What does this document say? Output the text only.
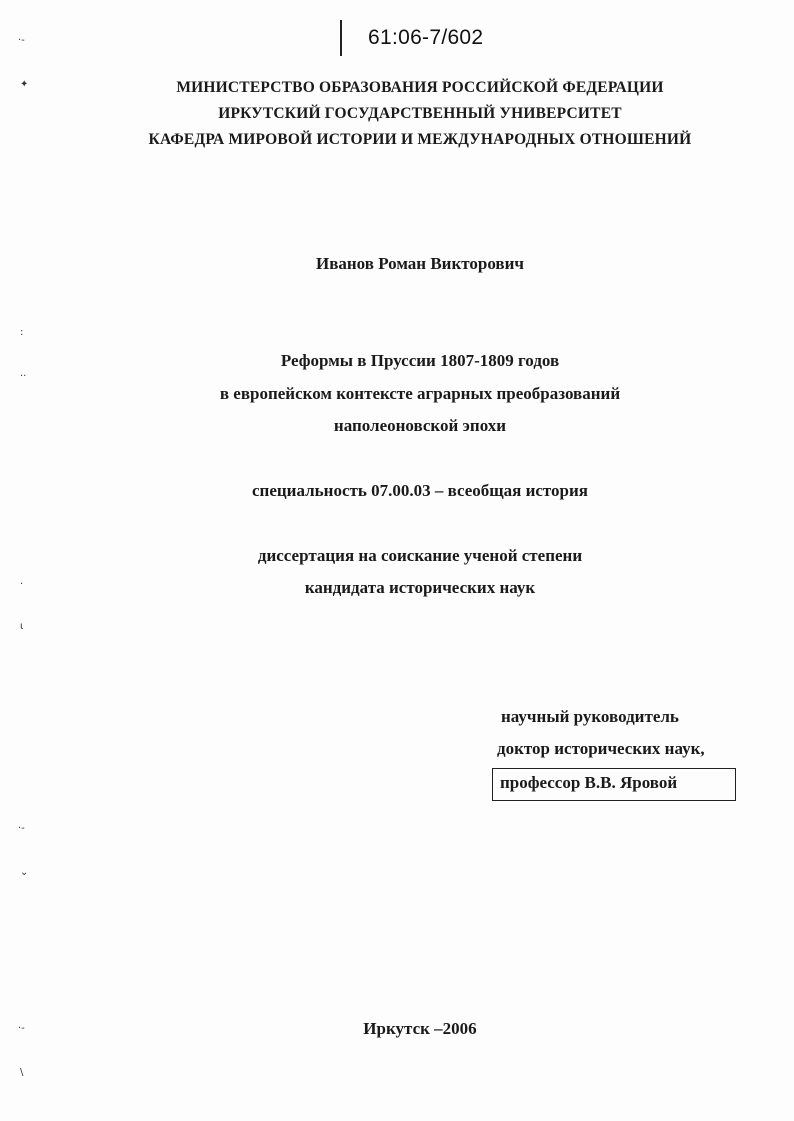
·-
✦
:
··
·
ι
·-
⌄
·-
\
61:06-7/602
МИНИСТЕРСТВО ОБРАЗОВАНИЯ РОССИЙСКОЙ ФЕДЕРАЦИИ
ИРКУТСКИЙ ГОСУДАРСТВЕННЫЙ УНИВЕРСИТЕТ
КАФЕДРА МИРОВОЙ ИСТОРИИ И МЕЖДУНАРОДНЫХ ОТНОШЕНИЙ
Иванов Роман Викторович
Реформы в Пруссии 1807-1809 годов
в европейском контексте аграрных преобразований
наполеоновской эпохи
специальность 07.00.03 – всеобщая история
диссертация на соискание ученой степени
кандидата исторических наук
научный руководитель
доктор исторических наук,
профессор В.В. Яровой
Иркутск –2006
